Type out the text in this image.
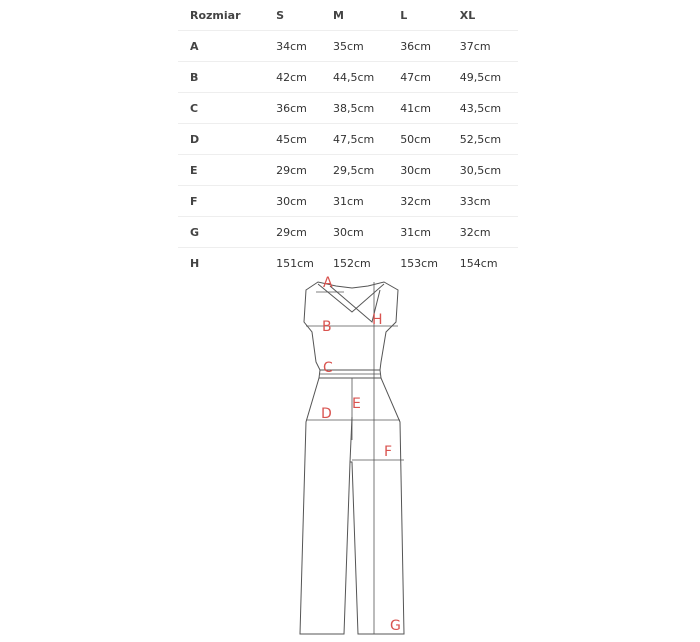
Rozmiar	S	M	L	XL
A	34cm	35cm	36cm	37cm
B	42cm	44,5cm	47cm	49,5cm
C	36cm	38,5cm	41cm	43,5cm
D	45cm	47,5cm	50cm	52,5cm
E	29cm	29,5cm	30cm	30,5cm
F	30cm	31cm	32cm	33cm
G	29cm	30cm	31cm	32cm
H	151cm	152cm	153cm	154cm
A
B	H
C
E
D
F
G
